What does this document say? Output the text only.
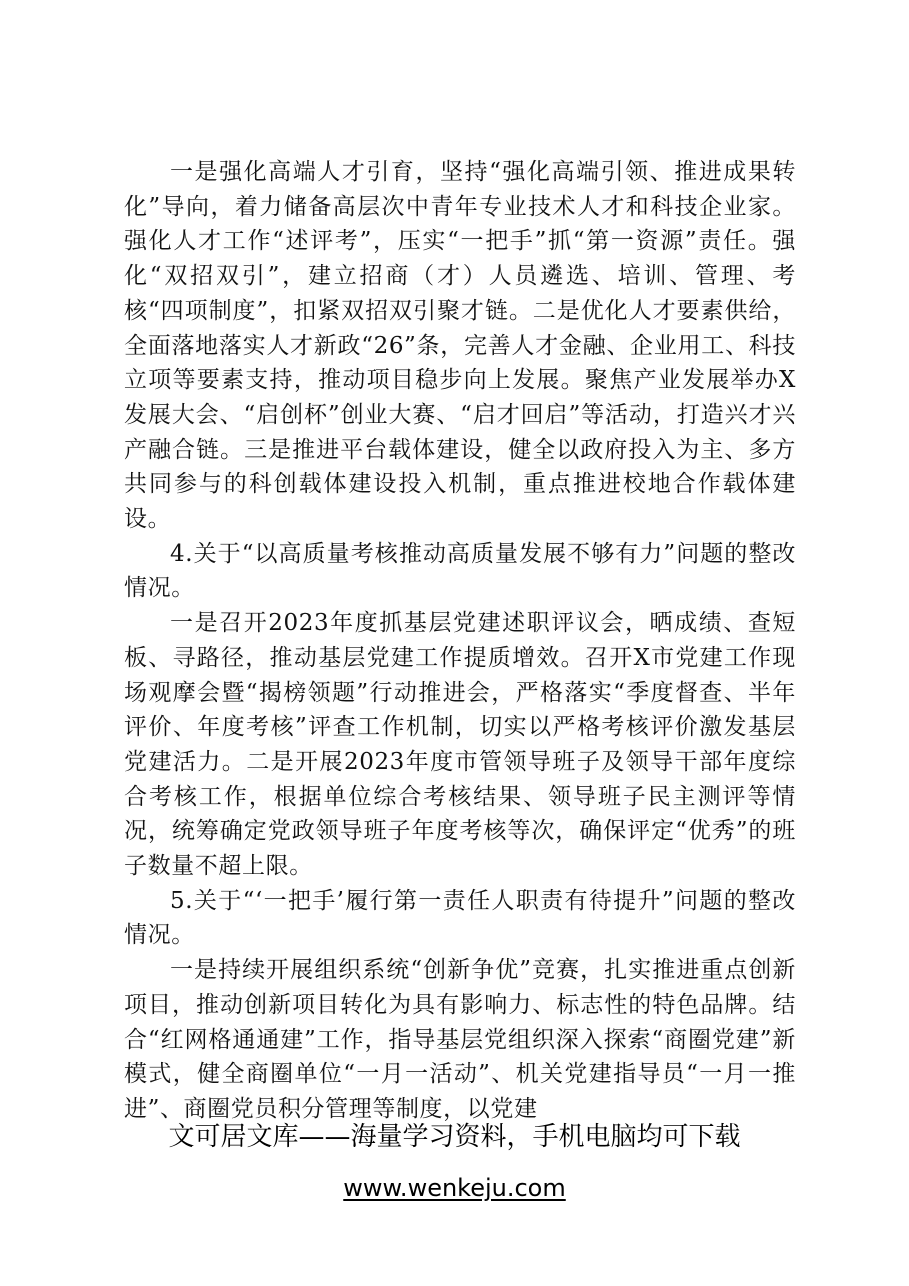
一是强化高端人才引育，坚持“强化高端引领、推进成果转化”导向，着力储备高层次中青年专业技术人才和科技企业家。强化人才工作“述评考”，压实“一把手”抓“第一资源”责任。强化“双招双引”，建立招商（才）人员遴选、培训、管理、考核“四项制度”，扣紧双招双引聚才链。二是优化人才要素供给，全面落地落实人才新政“26”条，完善人才金融、企业用工、科技立项等要素支持，推动项目稳步向上发展。聚焦产业发展举办X发展大会、“启创杯”创业大赛、“启才回启”等活动，打造兴才兴产融合链。三是推进平台载体建设，健全以政府投入为主、多方共同参与的科创载体建设投入机制，重点推进校地合作载体建设。

4.关于“以高质量考核推动高质量发展不够有力”问题的整改情况。

一是召开2023年度抓基层党建述职评议会，晒成绩、查短板、寻路径，推动基层党建工作提质增效。召开X市党建工作现场观摩会暨“揭榜领题”行动推进会，严格落实“季度督查、半年评价、年度考核”评查工作机制，切实以严格考核评价激发基层党建活力。二是开展2023年度市管领导班子及领导干部年度综合考核工作，根据单位综合考核结果、领导班子民主测评等情况，统筹确定党政领导班子年度考核等次，确保评定“优秀”的班子数量不超上限。

5.关于“‘一把手’履行第一责任人职责有待提升”问题的整改情况。

一是持续开展组织系统“创新争优”竞赛，扎实推进重点创新项目，推动创新项目转化为具有影响力、标志性的特色品牌。结合“红网格通通建”工作，指导基层党组织深入探索“商圈党建”新模式，健全商圈单位“一月一活动”、机关党建指导员“一月一推进”、商圈党员积分管理等制度，以党建

文可居文库——海量学习资料，手机电脑均可下载
www.wenkeju.com
